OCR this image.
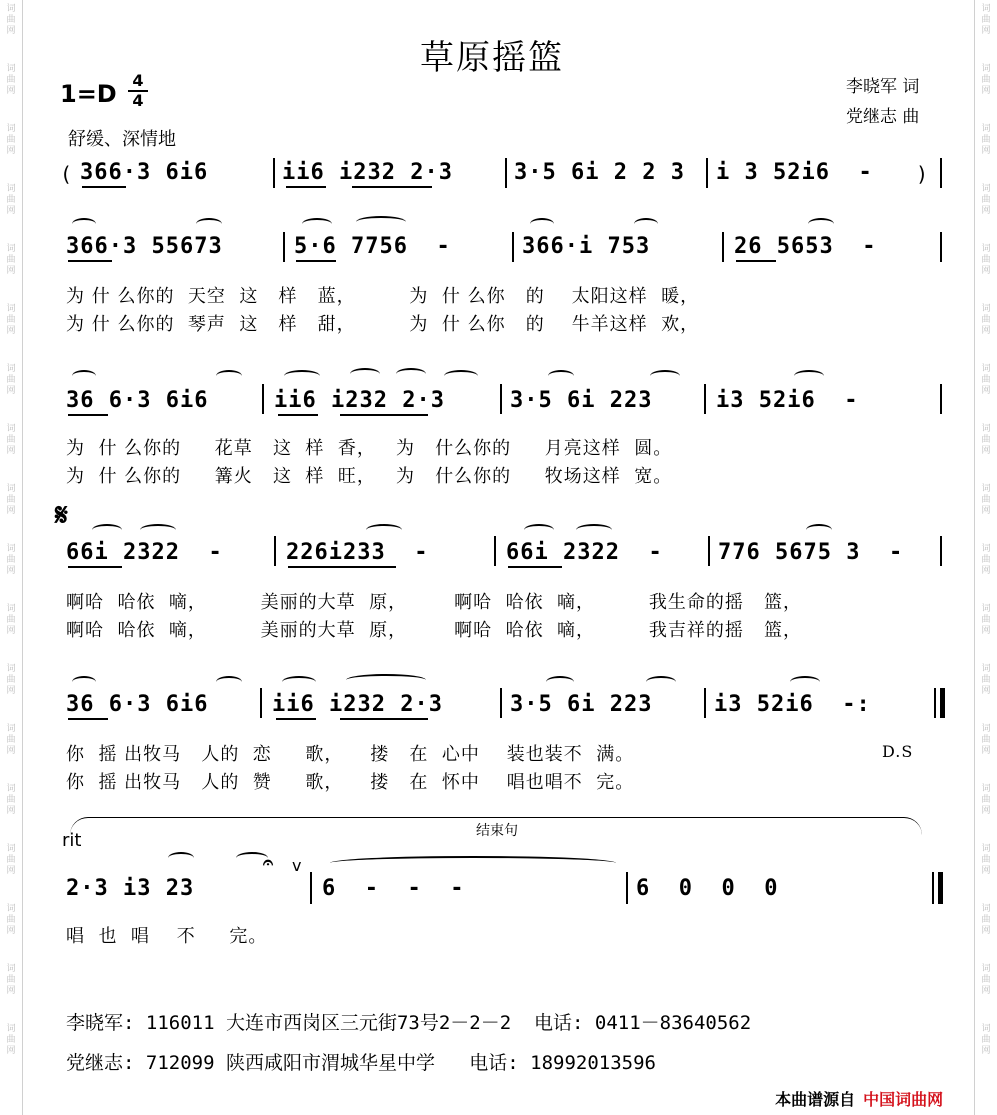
词
曲
网
词
曲
网
词
曲
网
词
曲
网
词
曲
网
词
曲
网
词
曲
网
词
曲
网
词
曲
网
词
曲
网
词
曲
网
词
曲
网
词
曲
网
词
曲
网
词
曲
网
词
曲
网
词
曲
网
词
曲
网
词
曲
网
词
曲
网
词
曲
网
词
曲
网
词
曲
网
词
曲
网
词
曲
网
词
曲
网
词
曲
网
词
曲
网
词
曲
网
词
曲
网
词
曲
网
词
曲
网
词
曲
网
词
曲
网
词
曲
网
词
曲
网
草原摇篮
李晓军 词
党继志 曲
1=D 4
4
舒缓、深情地
( 366·3 6i6	ii6 i232 2·3	3·5 6i 2 2 3 i 3 52i6  - )
366·3 55673	5·6 7756  -	366·i 753	26 5653  -
为 什 么你的  天空  这   样   蓝，        为  什 么你   的    太阳这样  暖，
为 什 么你的  琴声  这   样   甜，        为  什 么你   的    牛羊这样  欢，
36 6·3 6i6	ii6 i232 2·3	3·5 6i 223	i3 52i6  -
为  什 么你的     花草   这  样  香，   为   什么你的     月亮这样  圆。
为  什 么你的     篝火   这  样  旺，   为   什么你的     牧场这样  宽。
𝄋
66i 2322  -	226i233  -	66i 2322  -	776 5675 3  -
啊哈  哈依  嘀，        美丽的大草  原，       啊哈  哈依  嘀，        我生命的摇   篮，
啊哈  哈依  嘀，        美丽的大草  原，       啊哈  哈依  嘀，        我吉祥的摇   篮，
36 6·3 6i6	ii6 i232 2·3	3·5 6i 223	i3 52i6  -:
你  摇 出牧马   人的  恋     歌，    搂   在  心中    装也装不  满。	D.S
你  摇 出牧马   人的  赞     歌，    搂   在  怀中    唱也唱不  完。
结束句
rit
𝄐 v
2·3 i3 23	6  -  -  -	6  0  0  0
唱  也  唱    不     完。
李晓军: 116011 大连市西岗区三元街73号2－2－2  电话: 0411－83640562
党继志: 712099 陕西咸阳市渭城华星中学   电话: 18992013596

本曲谱源自 中国词曲网
